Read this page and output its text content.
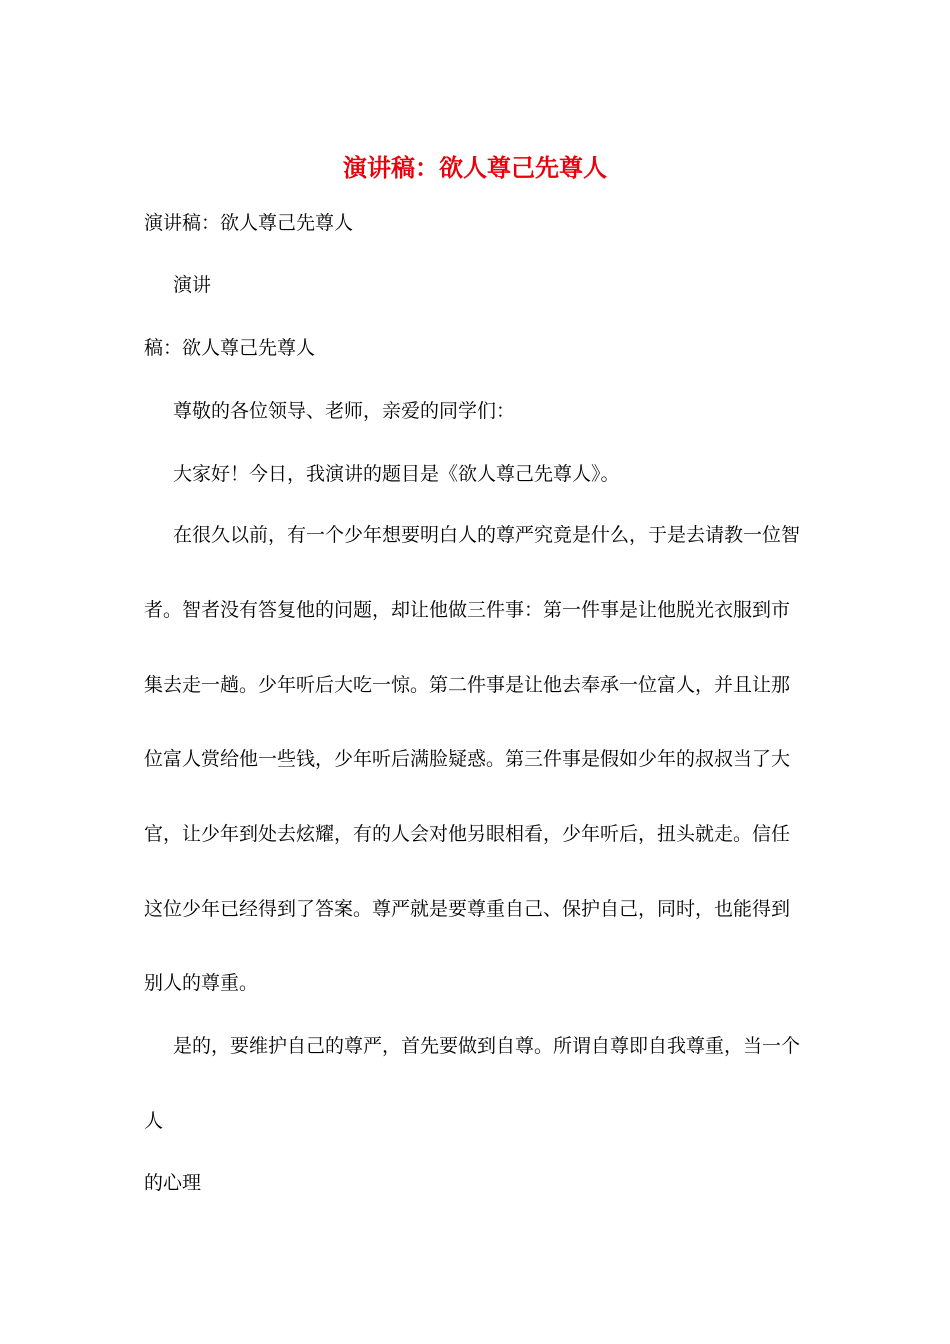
演讲稿：欲人尊己先尊人
演讲稿：欲人尊己先尊人
演讲
稿：欲人尊己先尊人
尊敬的各位领导、老师，亲爱的同学们：
大家好！今日，我演讲的题目是《欲人尊己先尊人》。
在很久以前，有一个少年想要明白人的尊严究竟是什么，于是去请教一位智
者。智者没有答复他的问题，却让他做三件事：第一件事是让他脱光衣服到市
集去走一趟。少年听后大吃一惊。第二件事是让他去奉承一位富人，并且让那
位富人赏给他一些钱，少年听后满脸疑惑。第三件事是假如少年的叔叔当了大
官，让少年到处去炫耀，有的人会对他另眼相看，少年听后，扭头就走。信任
这位少年已经得到了答案。尊严就是要尊重自己、保护自己，同时，也能得到
别人的尊重。
是的，要维护自己的尊严，首先要做到自尊。所谓自尊即自我尊重，当一个
人
的心理
